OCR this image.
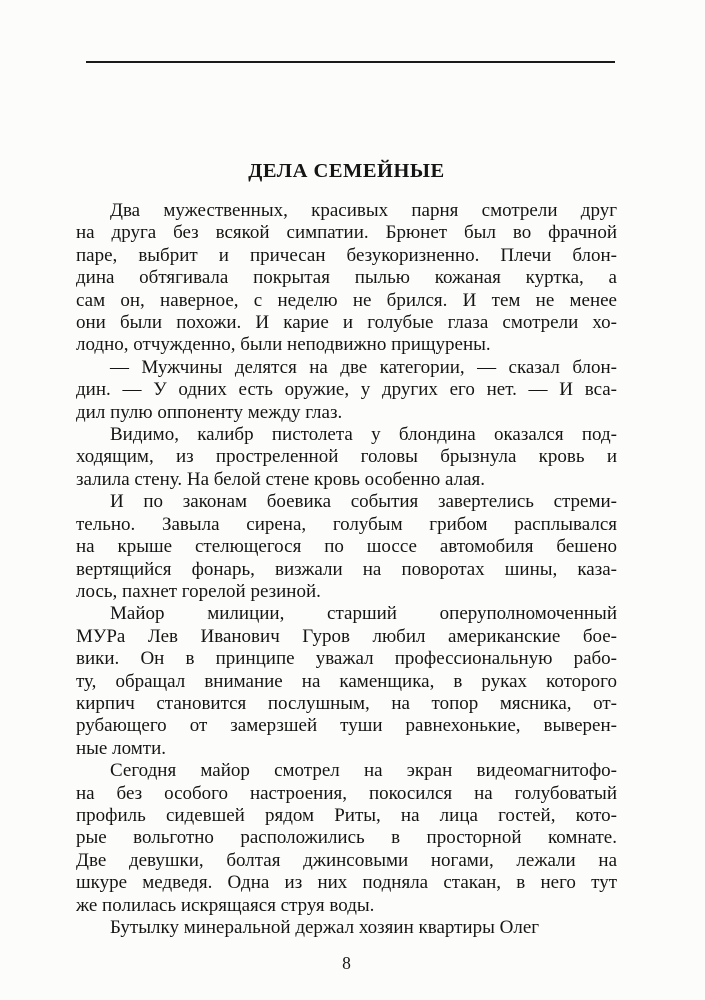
ДЕЛА СЕМЕЙНЫЕ

Два мужественных, красивых парня смотрели друг
на друга без всякой симпатии. Брюнет был во фрачной
паре, выбрит и причесан безукоризненно. Плечи блон-
дина обтягивала покрытая пылью кожаная куртка, а
сам он, наверное, с неделю не брился. И тем не менее
они были похожи. И карие и голубые глаза смотрели хо-
лодно, отчужденно, были неподвижно прищурены.

— Мужчины делятся на две категории, — сказал блон-
дин. — У одних есть оружие, у других его нет. — И вса-
дил пулю оппоненту между глаз.

Видимо, калибр пистолета у блондина оказался под-
ходящим, из простреленной головы брызнула кровь и
залила стену. На белой стене кровь особенно алая.

И по законам боевика события завертелись стреми-
тельно. Завыла сирена, голубым грибом расплывался
на крыше стелющегося по шоссе автомобиля бешено
вертящийся фонарь, визжали на поворотах шины, каза-
лось, пахнет горелой резиной.

Майор милиции, старший оперуполномоченный
МУРа Лев Иванович Гуров любил американские бое-
вики. Он в принципе уважал профессиональную рабо-
ту, обращал внимание на каменщика, в руках которого
кирпич становится послушным, на топор мясника, от-
рубающего от замерзшей туши равнехонькие, выверен-
ные ломти.

Сегодня майор смотрел на экран видеомагнитофо-
на без особого настроения, покосился на голубоватый
профиль сидевшей рядом Риты, на лица гостей, кото-
рые вольготно расположились в просторной комнате.
Две девушки, болтая джинсовыми ногами, лежали на
шкуре медведя. Одна из них подняла стакан, в него тут
же полилась искрящаяся струя воды.

Бутылку минеральной держал хозяин квартиры Олег

8
